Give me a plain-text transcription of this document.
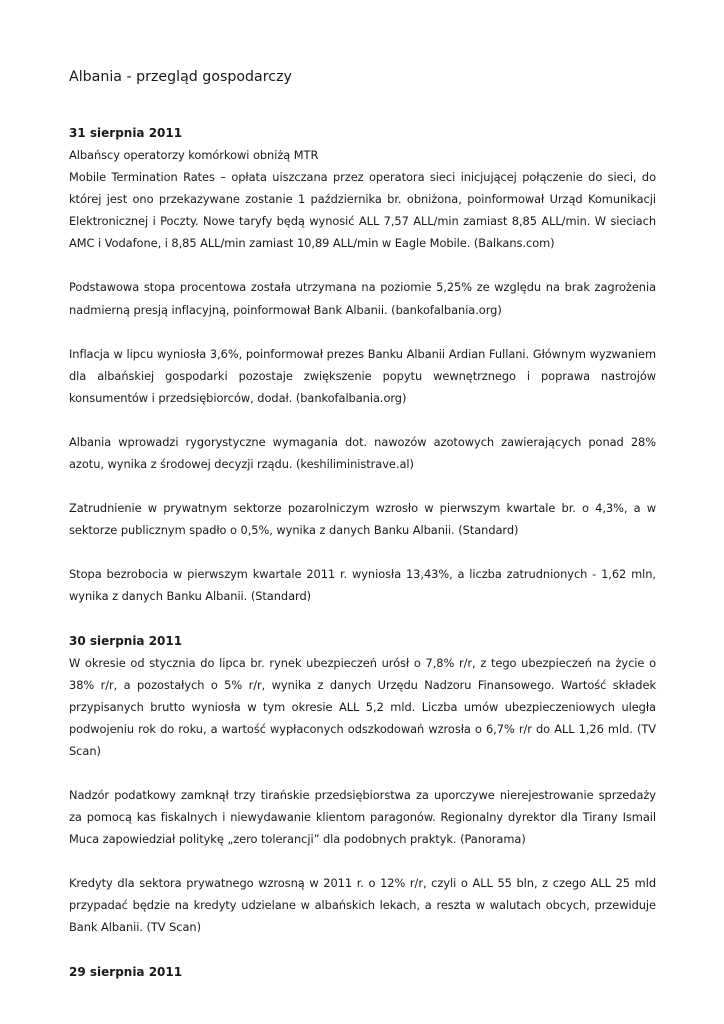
Albania - przegląd gospodarczy

31 sierpnia 2011

Albańscy operatorzy komórkowi obniżą MTR

Mobile Termination Rates – opłata uiszczana przez operatora sieci inicjującej połączenie do sieci, do której jest ono przekazywane zostanie 1 października br. obniżona, poinformował Urząd Komunikacji Elektronicznej i Poczty. Nowe taryfy będą wynosić ALL 7,57 ALL/min zamiast 8,85 ALL/min. W sieciach AMC i Vodafone, i 8,85 ALL/min zamiast 10,89 ALL/min w Eagle Mobile. (Balkans.com)

Podstawowa stopa procentowa została utrzymana na poziomie 5,25% ze względu na brak zagrożenia nadmierną presją inflacyjną, poinformował Bank Albanii. (bankofalbania.org)

Inflacja w lipcu wyniosła 3,6%, poinformował prezes Banku Albanii Ardian Fullani. Głównym wyzwaniem dla albańskiej gospodarki pozostaje zwiększenie popytu wewnętrznego i poprawa nastrojów konsumentów i przedsiębiorców, dodał. (bankofalbania.org)

Albania wprowadzi rygorystyczne wymagania dot. nawozów azotowych zawierających ponad 28% azotu, wynika z środowej decyzji rządu. (keshiliministrave.al)

Zatrudnienie w prywatnym sektorze pozarolniczym wzrosło w pierwszym kwartale br. o 4,3%, a w sektorze publicznym spadło o 0,5%, wynika z danych Banku Albanii. (Standard)

Stopa bezrobocia w pierwszym kwartale 2011 r. wyniosła 13,43%, a liczba zatrudnionych - 1,62 mln, wynika z danych Banku Albanii. (Standard)

30 sierpnia 2011

W okresie od stycznia do lipca br. rynek ubezpieczeń urósł o 7,8% r/r, z tego ubezpieczeń na życie o 38% r/r, a pozostałych o 5% r/r, wynika z danych Urzędu Nadzoru Finansowego. Wartość składek przypisanych brutto wyniosła w tym okresie ALL 5,2 mld. Liczba umów ubezpieczeniowych uległa podwojeniu rok do roku, a wartość wypłaconych odszkodowań wzrosła o 6,7% r/r do ALL 1,26 mld. (TV Scan)

Nadzór podatkowy zamknął trzy tirańskie przedsiębiorstwa za uporczywe nierejestrowanie sprzedaży za pomocą kas fiskalnych i niewydawanie klientom paragonów. Regionalny dyrektor dla Tirany Ismail Muca zapowiedział politykę „zero tolerancji” dla podobnych praktyk. (Panorama)

Kredyty dla sektora prywatnego wzrosną w 2011 r. o 12% r/r, czyli o ALL 55 bln, z czego ALL 25 mld przypadać będzie na kredyty udzielane w albańskich lekach, a reszta w walutach obcych, przewiduje Bank Albanii. (TV Scan)

29 sierpnia 2011
